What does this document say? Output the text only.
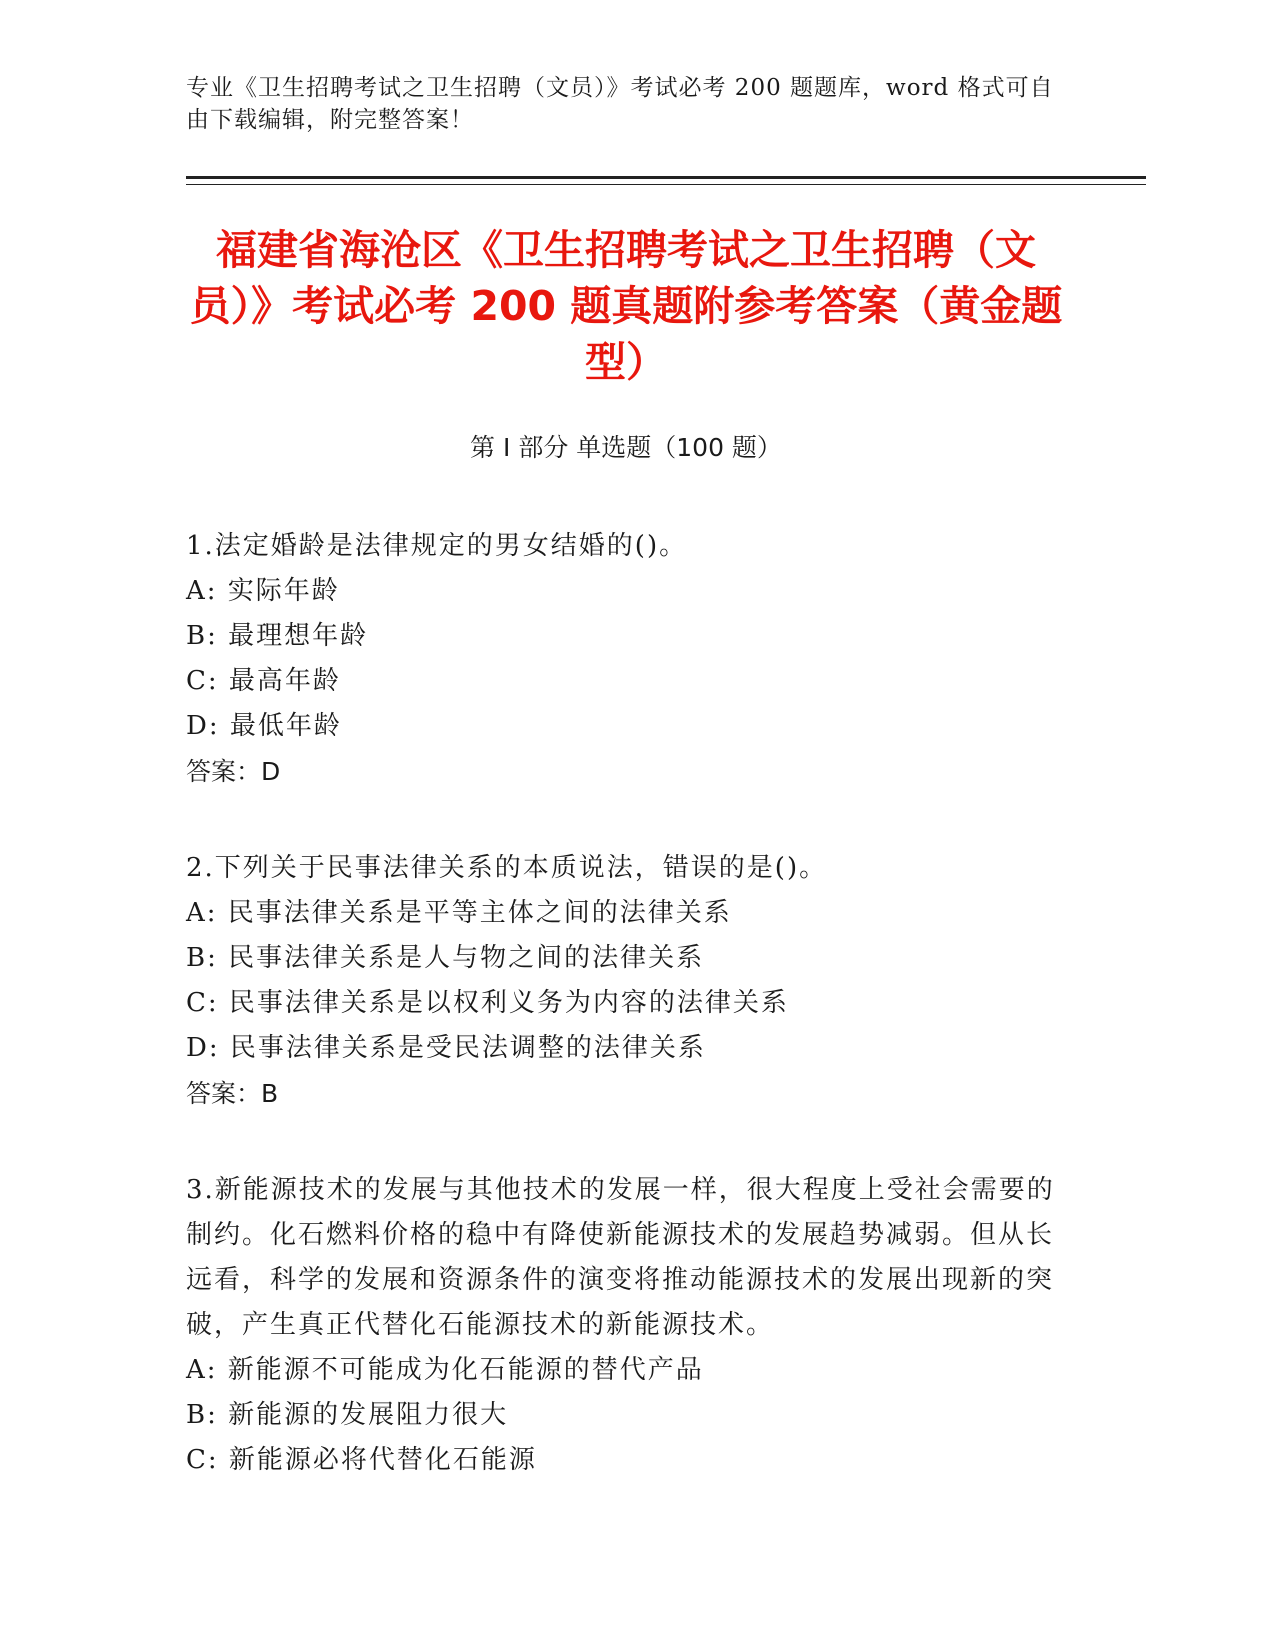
专业《卫生招聘考试之卫生招聘（文员）》考试必考 200 题题库，word 格式可自由下载编辑，附完整答案！
福建省海沧区《卫生招聘考试之卫生招聘（文员）》考试必考 200 题真题附参考答案（黄金题型）
第 I 部分 单选题（100 题）
1.法定婚龄是法律规定的男女结婚的()。
A: 实际年龄
B: 最理想年龄
C: 最高年龄
D: 最低年龄
答案：D
2.下列关于民事法律关系的本质说法，错误的是()。
A: 民事法律关系是平等主体之间的法律关系
B: 民事法律关系是人与物之间的法律关系
C: 民事法律关系是以权利义务为内容的法律关系
D: 民事法律关系是受民法调整的法律关系
答案：B
3.新能源技术的发展与其他技术的发展一样，很大程度上受社会需要的制约。化石燃料价格的稳中有降使新能源技术的发展趋势减弱。但从长远看，科学的发展和资源条件的演变将推动能源技术的发展出现新的突破，产生真正代替化石能源技术的新能源技术。
A: 新能源不可能成为化石能源的替代产品
B: 新能源的发展阻力很大
C: 新能源必将代替化石能源
